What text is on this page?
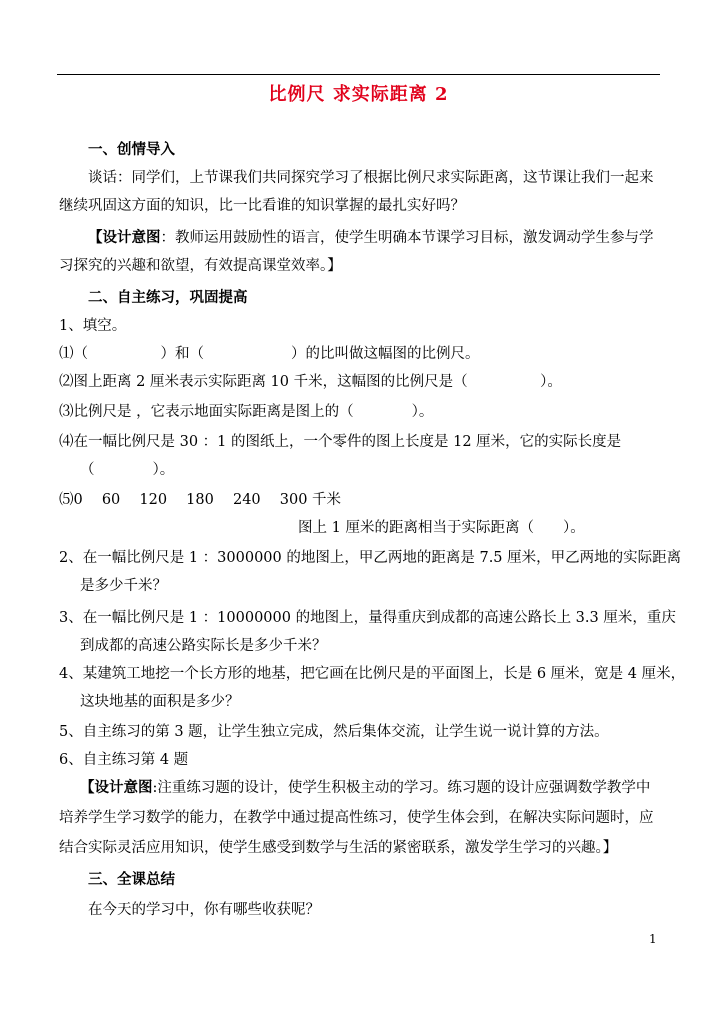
比例尺 求实际距离 2
一、创情导入
谈话：同学们，上节课我们共同探究学习了根据比例尺求实际距离，这节课让我们一起来
继续巩固这方面的知识，比一比看谁的知识掌握的最扎实好吗？
【设计意图：教师运用鼓励性的语言，使学生明确本节课学习目标，激发调动学生参与学
习探究的兴趣和欲望，有效提高课堂效率。】
二、自主练习，巩固提高
1、填空。
⑴（　　　　　）和（　　　　　　）的比叫做这幅图的比例尺。
⑵图上距离 2 厘米表示实际距离 10 千米，这幅图的比例尺是（　　　　　）。
⑶比例尺是 ，它表示地面实际距离是图上的（　　　　）。
⑷在一幅比例尺是 30 ：1 的图纸上，一个零件的图上长度是 12 厘米，它的实际长度是
（　　　　）。
⑸0　 60　 120　 180　 240　 300 千米
图上 1 厘米的距离相当于实际距离（　　）。
2、在一幅比例尺是 1 ：3000000 的地图上，甲乙两地的距离是 7.5 厘米，甲乙两地的实际距离
是多少千米？
3、在一幅比例尺是 1 ：10000000 的地图上，量得重庆到成都的高速公路长上 3.3 厘米，重庆
到成都的高速公路实际长是多少千米？
4、某建筑工地挖一个长方形的地基，把它画在比例尺是的平面图上，长是 6 厘米，宽是 4 厘米，
这块地基的面积是多少？
5、自主练习的第 3 题，让学生独立完成，然后集体交流，让学生说一说计算的方法。
6、自主练习第 4 题
【设计意图:注重练习题的设计，使学生积极主动的学习。练习题的设计应强调数学教学中
培养学生学习数学的能力，在教学中通过提高性练习，使学生体会到，在解决实际问题时，应
结合实际灵活应用知识，使学生感受到数学与生活的紧密联系，激发学生学习的兴趣。】
三、全课总结
在今天的学习中，你有哪些收获呢？
1
